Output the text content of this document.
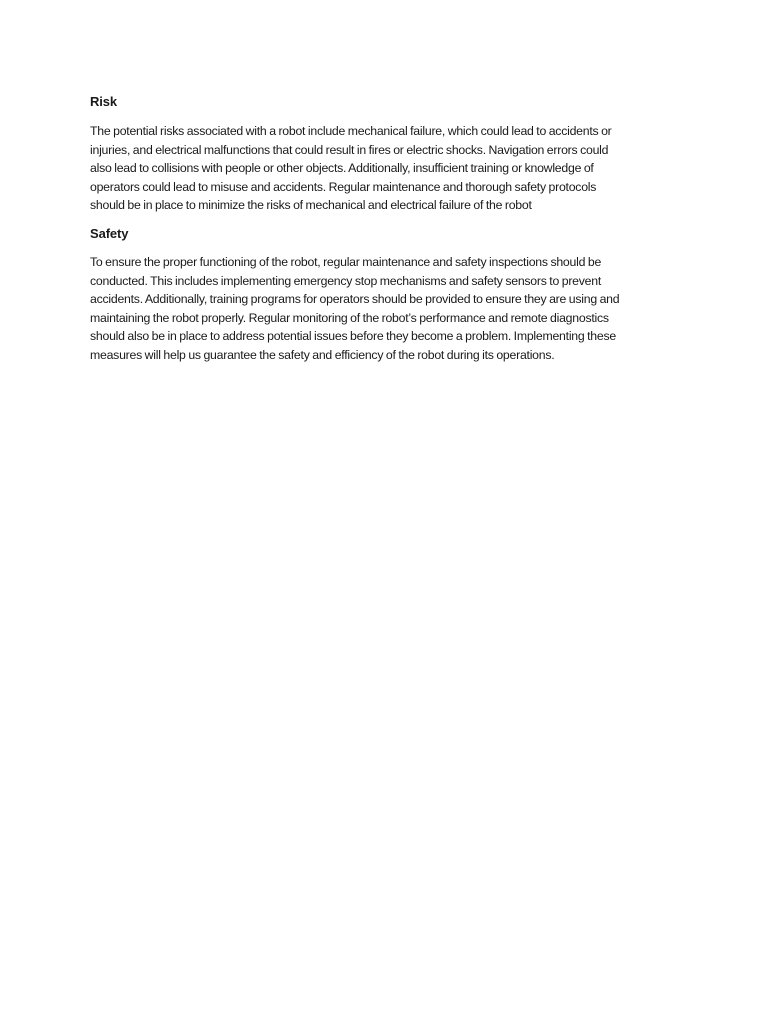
Risk

The potential risks associated with a robot include mechanical failure, which could lead to accidents or
injuries, and electrical malfunctions that could result in fires or electric shocks. Navigation errors could
also lead to collisions with people or other objects. Additionally, insufficient training or knowledge of
operators could lead to misuse and accidents. Regular maintenance and thorough safety protocols
should be in place to minimize the risks of mechanical and electrical failure of the robot

Safety

To ensure the proper functioning of the robot, regular maintenance and safety inspections should be
conducted. This includes implementing emergency stop mechanisms and safety sensors to prevent
accidents. Additionally, training programs for operators should be provided to ensure they are using and
maintaining the robot properly. Regular monitoring of the robot’s performance and remote diagnostics
should also be in place to address potential issues before they become a problem. Implementing these
measures will help us guarantee the safety and efficiency of the robot during its operations.
